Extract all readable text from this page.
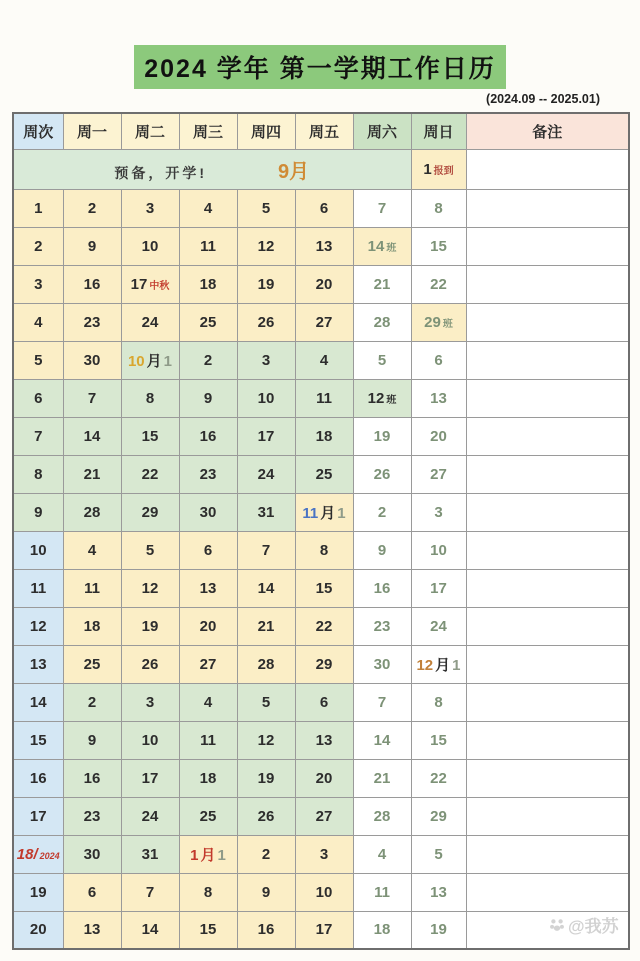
2024 学年 第一学期工作日历
(2024.09 -- 2025.01)
周次	周一	周二	周三	周四	周五	周六	周日	备注
预备，开学! 9月							1 报到	
1	2	3	4	5	6	7	8	
2	9	10	11	12	13	14 班	15	
3	16	17 中秋	18	19	20	21	22	
4	23	24	25	26	27	28	29 班	
5	30	10 月 1	2	3	4	5	6	
6	7	8	9	10	11	12 班	13	
7	14	15	16	17	18	19	20	
8	21	22	23	24	25	26	27	
9	28	29	30	31	11 月 1	2	3	
10	4	5	6	7	8	9	10	
11	11	12	13	14	15	16	17	
12	18	19	20	21	22	23	24	
13	25	26	27	28	29	30	12 月 1	
14	2	3	4	5	6	7	8	
15	9	10	11	12	13	14	15	
16	16	17	18	19	20	21	22	
17	23	24	25	26	27	28	29	
18/ 2024	30	31	1 月 1	2	3	4	5	
19	6	7	8	9	10	11	13	
20	13	14	15	16	17	18	19		@我苏
